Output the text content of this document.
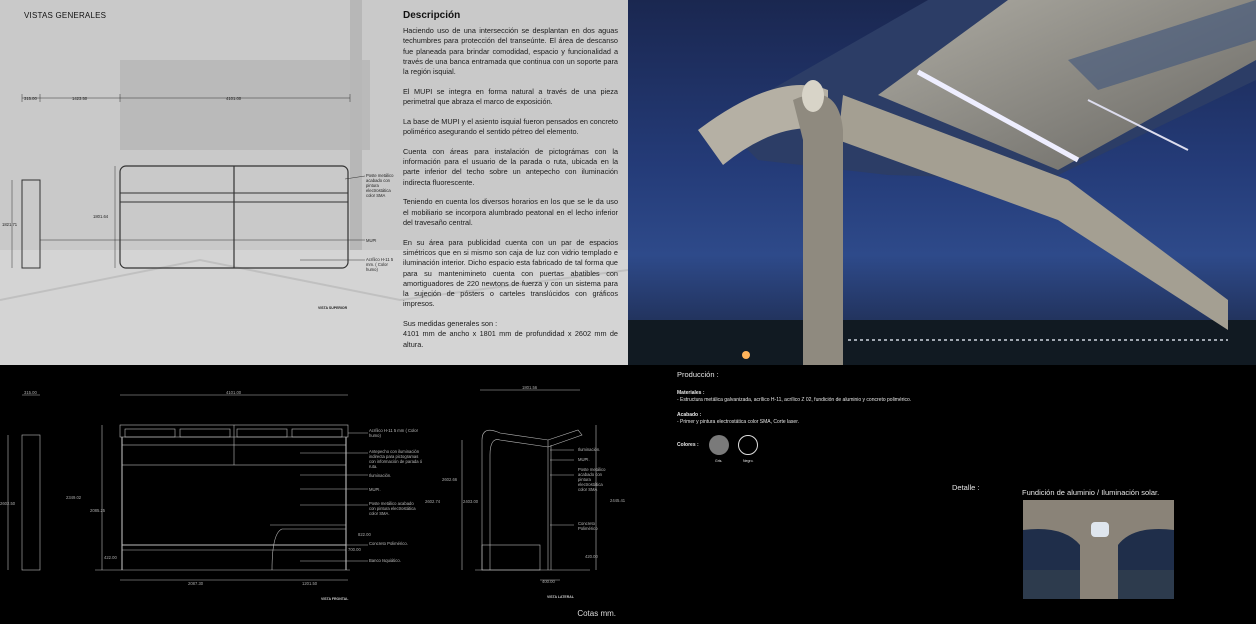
VISTAS GENERALES
315.00	1423.50	4101.00
1821.71
1801.64
Poste metálico acabado con pintura electrostática color SMA
MUPI
Acrílico H-11 5 mm. ( Color humo)
VISTA SUPERIOR
Descripción

Haciendo uso de una intersección se desplantan en dos aguas techumbres para protección del transeúnte. El área de descanso fue planeada para brindar comodidad, espacio y funcionalidad a través de una banca entramada que continua con un soporte para la región isquial.

El MUPI se integra en forma natural a través de una pieza perimetral que abraza el marco de exposición.

La base de MUPI y el asiento isquial fueron pensados en concreto polimérico asegurando el sentido pétreo del elemento.

Cuenta con áreas para instalación de pictográmas con la información para el usuario de la parada o ruta, ubicada en la parte inferior del techo sobre un antepecho con iluminación indirecta fluorescente.

Teniendo en cuenta los diversos horarios en los que se le da uso el mobiliario se incorpora alumbrado peatonal en el lecho inferior del travesaño central.

En su área para publicidad cuenta con un par de espacios simétricos que en si mismo son caja de luz con vidrio templado e iluminación interior. Dicho espacio esta fabricado de tal forma que para su mantenimineto cuenta con puertas abatibles con amortiguadores de 220 newtons de fuerza y con un sistema para la sujeción de pósters o carteles translúcidos con gráficos impresos.

Sus medidas generales son :
4101 mm de ancho x 1801 mm de profundidad x 2602 mm de altura.

315.00	4101.00
2602.50
2349.02
2085.25
422.00
2087.30	1201.50
822.00
700.00
1801.56
2602.66
2602.74	2403.00	2445.41
420.00
400.00
Acrílico H-11 5 mm ( Color humo)
Antepecho con iluminación indirecta para pictogramas con información de parada ó ruta.
Iluminación.
MUPI.
Poste metálico acabado con pintura electrostática color SMA.
Concreto Polimérico.
Banco Isquiático.
Iluminación.
MUPI.
Poste metálico acabado con pintura electrostática color SMA
Concreto Polimérico
VISTA FRONTAL	VISTA LATERAL
Cotas mm.
Producción :
Materiales :
- Estructura metálica galvanizada, acrílico H-11, acrílico Z 02, fundición de aluminio y concreto polimérico.
Acabado :
- Primer y pintura electrostática color SMA, Corte laser.
Colores :
Gris.	Negro.
Detalle :
Fundición de aluminio / Iluminación solar.
